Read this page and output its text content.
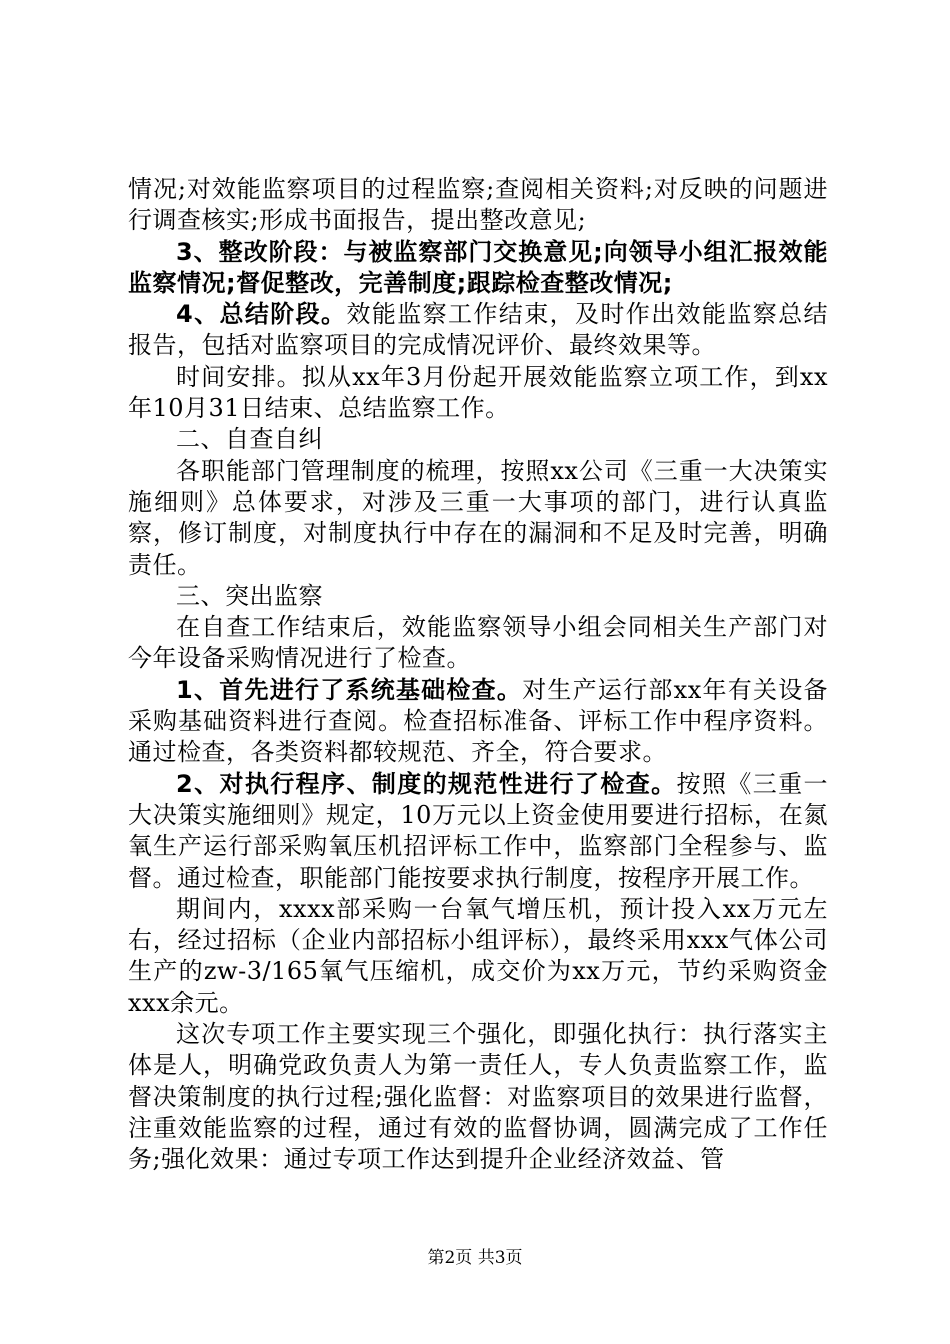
情况;对效能监察项目的过程监察;查阅相关资料;对反映的问题进行调查核实;形成书面报告，提出整改意见;

3、整改阶段：与被监察部门交换意见;向领导小组汇报效能监察情况;督促整改，完善制度;跟踪检查整改情况;

4、总结阶段。效能监察工作结束，及时作出效能监察总结报告，包括对监察项目的完成情况评价、最终效果等。

时间安排。拟从xx年3月份起开展效能监察立项工作，到xx年10月31日结束、总结监察工作。

二、自查自纠

各职能部门管理制度的梳理，按照xx公司《三重一大决策实施细则》总体要求，对涉及三重一大事项的部门，进行认真监察，修订制度，对制度执行中存在的漏洞和不足及时完善，明确责任。

三、突出监察

在自查工作结束后，效能监察领导小组会同相关生产部门对今年设备采购情况进行了检查。

1、首先进行了系统基础检查。对生产运行部xx年有关设备采购基础资料进行查阅。检查招标准备、评标工作中程序资料。通过检查，各类资料都较规范、齐全，符合要求。

2、对执行程序、制度的规范性进行了检查。按照《三重一大决策实施细则》规定，10万元以上资金使用要进行招标，在氮氧生产运行部采购氧压机招评标工作中，监察部门全程参与、监督。通过检查，职能部门能按要求执行制度，按程序开展工作。

期间内，xxxx部采购一台氧气增压机，预计投入xx万元左右，经过招标（企业内部招标小组评标），最终采用xxx气体公司生产的zw-3/165氧气压缩机，成交价为xx万元，节约采购资金xxx余元。

这次专项工作主要实现三个强化，即强化执行：执行落实主体是人，明确党政负责人为第一责任人，专人负责监察工作，监督决策制度的执行过程;强化监督：对监察项目的效果进行监督，注重效能监察的过程，通过有效的监督协调，圆满完成了工作任务;强化效果：通过专项工作达到提升企业经济效益、管

第2页 共3页
